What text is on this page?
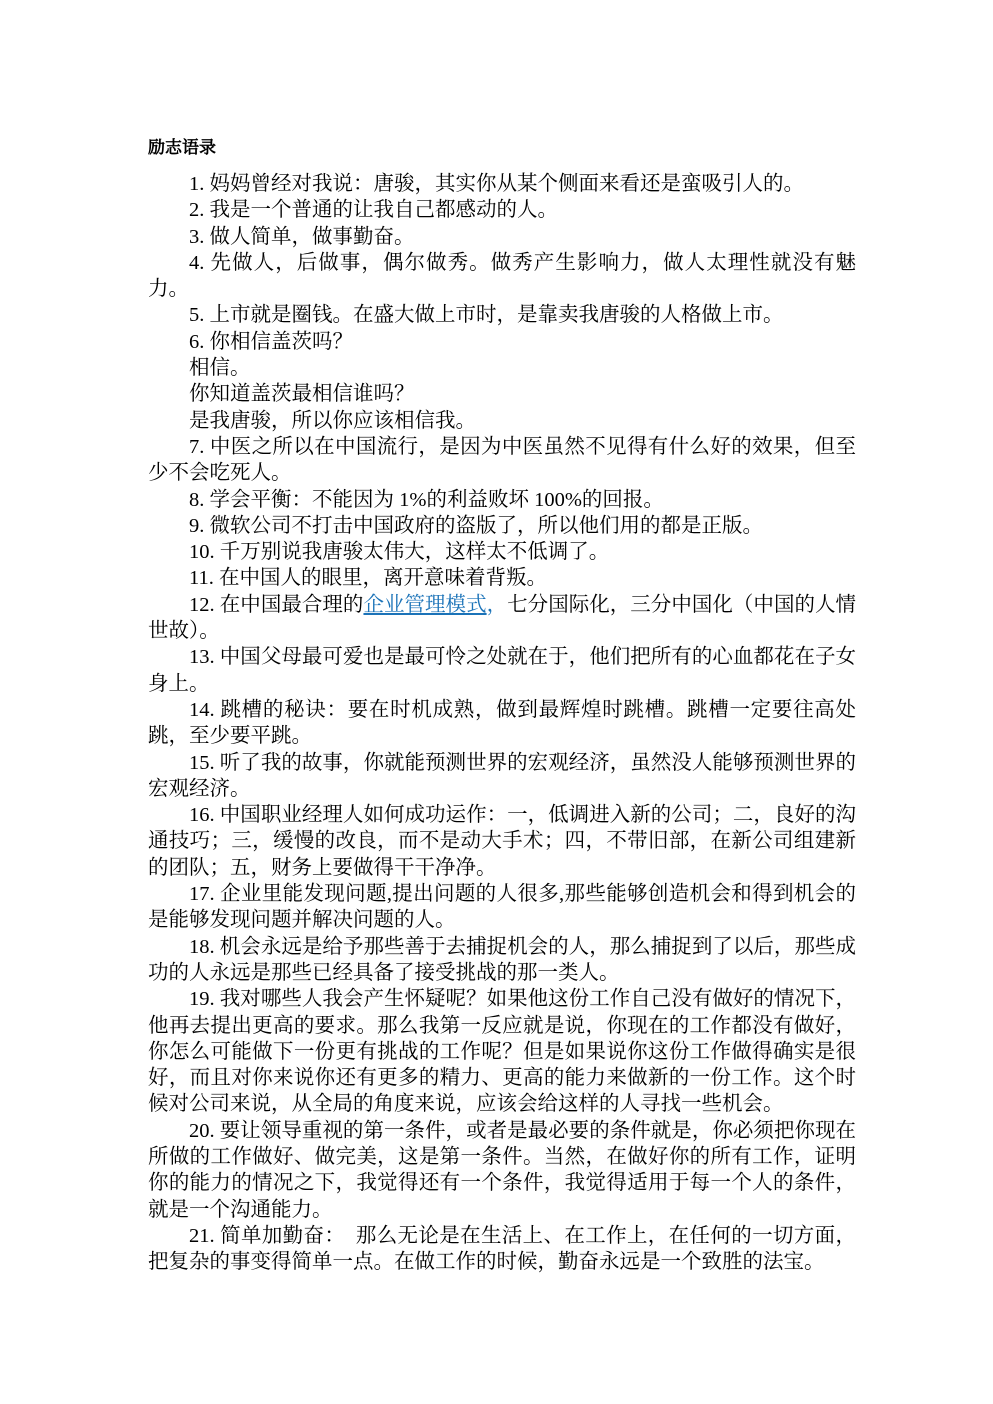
励志语录

1. 妈妈曾经对我说：唐骏，其实你从某个侧面来看还是蛮吸引人的。

2. 我是一个普通的让我自己都感动的人。

3. 做人简单，做事勤奋。

4. 先做人，后做事，偶尔做秀。做秀产生影响力，做人太理性就没有魅力。

5. 上市就是圈钱。在盛大做上市时，是靠卖我唐骏的人格做上市。

6. 你相信盖茨吗？

相信。

你知道盖茨最相信谁吗？

是我唐骏，所以你应该相信我。

7. 中医之所以在中国流行，是因为中医虽然不见得有什么好的效果，但至少不会吃死人。

8. 学会平衡：不能因为 1%的利益败坏 100%的回报。

9. 微软公司不打击中国政府的盗版了，所以他们用的都是正版。

10. 千万别说我唐骏太伟大，这样太不低调了。

11. 在中国人的眼里，离开意味着背叛。

12. 在中国最合理的企业管理模式，七分国际化，三分中国化（中国的人情世故）。

13. 中国父母最可爱也是最可怜之处就在于，他们把所有的心血都花在子女身上。

14. 跳槽的秘诀：要在时机成熟，做到最辉煌时跳槽。跳槽一定要往高处跳，至少要平跳。

15. 听了我的故事，你就能预测世界的宏观经济，虽然没人能够预测世界的宏观经济。

16. 中国职业经理人如何成功运作：一，低调进入新的公司；二，良好的沟通技巧；三，缓慢的改良，而不是动大手术；四，不带旧部，在新公司组建新的团队；五，财务上要做得干干净净。

17. 企业里能发现问题,提出问题的人很多,那些能够创造机会和得到机会的是能够发现问题并解决问题的人。

18. 机会永远是给予那些善于去捕捉机会的人，那么捕捉到了以后，那些成功的人永远是那些已经具备了接受挑战的那一类人。

19. 我对哪些人我会产生怀疑呢？如果他这份工作自己没有做好的情况下，他再去提出更高的要求。那么我第一反应就是说，你现在的工作都没有做好，你怎么可能做下一份更有挑战的工作呢？但是如果说你这份工作做得确实是很好，而且对你来说你还有更多的精力、更高的能力来做新的一份工作。这个时候对公司来说，从全局的角度来说，应该会给这样的人寻找一些机会。

20. 要让领导重视的第一条件，或者是最必要的条件就是，你必须把你现在所做的工作做好、做完美，这是第一条件。当然，在做好你的所有工作，证明你的能力的情况之下，我觉得还有一个条件，我觉得适用于每一个人的条件，就是一个沟通能力。

21. 简单加勤奋：　那么无论是在生活上、在工作上，在任何的一切方面，把复杂的事变得简单一点。在做工作的时候，勤奋永远是一个致胜的法宝。
